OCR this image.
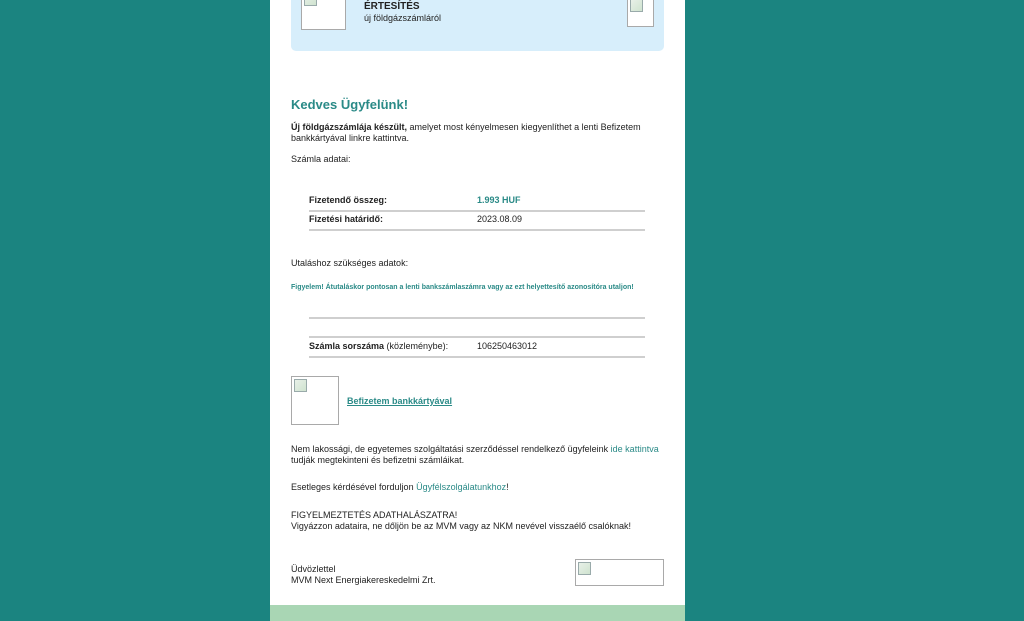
ÉRTESÍTÉS
új földgázszámláról
Kedves Ügyfelünk!
Új földgázszámlája készült, amelyet most kényelmesen kiegyenlíthet a lenti Befizetem bankkártyával linkre kattintva.
Számla adatai:
Fizetendő összeg:	1.993 HUF
Fizetési határidő:	2023.08.09
Utaláshoz szükséges adatok:
Figyelem! Átutaláskor pontosan a lenti bankszámlaszámra vagy az ezt helyettesítő azonosítóra utaljon!
Számla sorszáma (közleménybe):	106250463012
Befizetem bankkártyával
Nem lakossági, de egyetemes szolgáltatási szerződéssel rendelkező ügyfeleink ide kattintva tudják megtekinteni és befizetni számláikat.
Esetleges kérdésével forduljon Ügyfélszolgálatunkhoz!
FIGYELMEZTETÉS ADATHALÁSZATRA!
Vigyázzon adataira, ne dőljön be az MVM vagy az NKM nevével visszaélő csalóknak!
Üdvözlettel
MVM Next Energiakereskedelmi Zrt.
